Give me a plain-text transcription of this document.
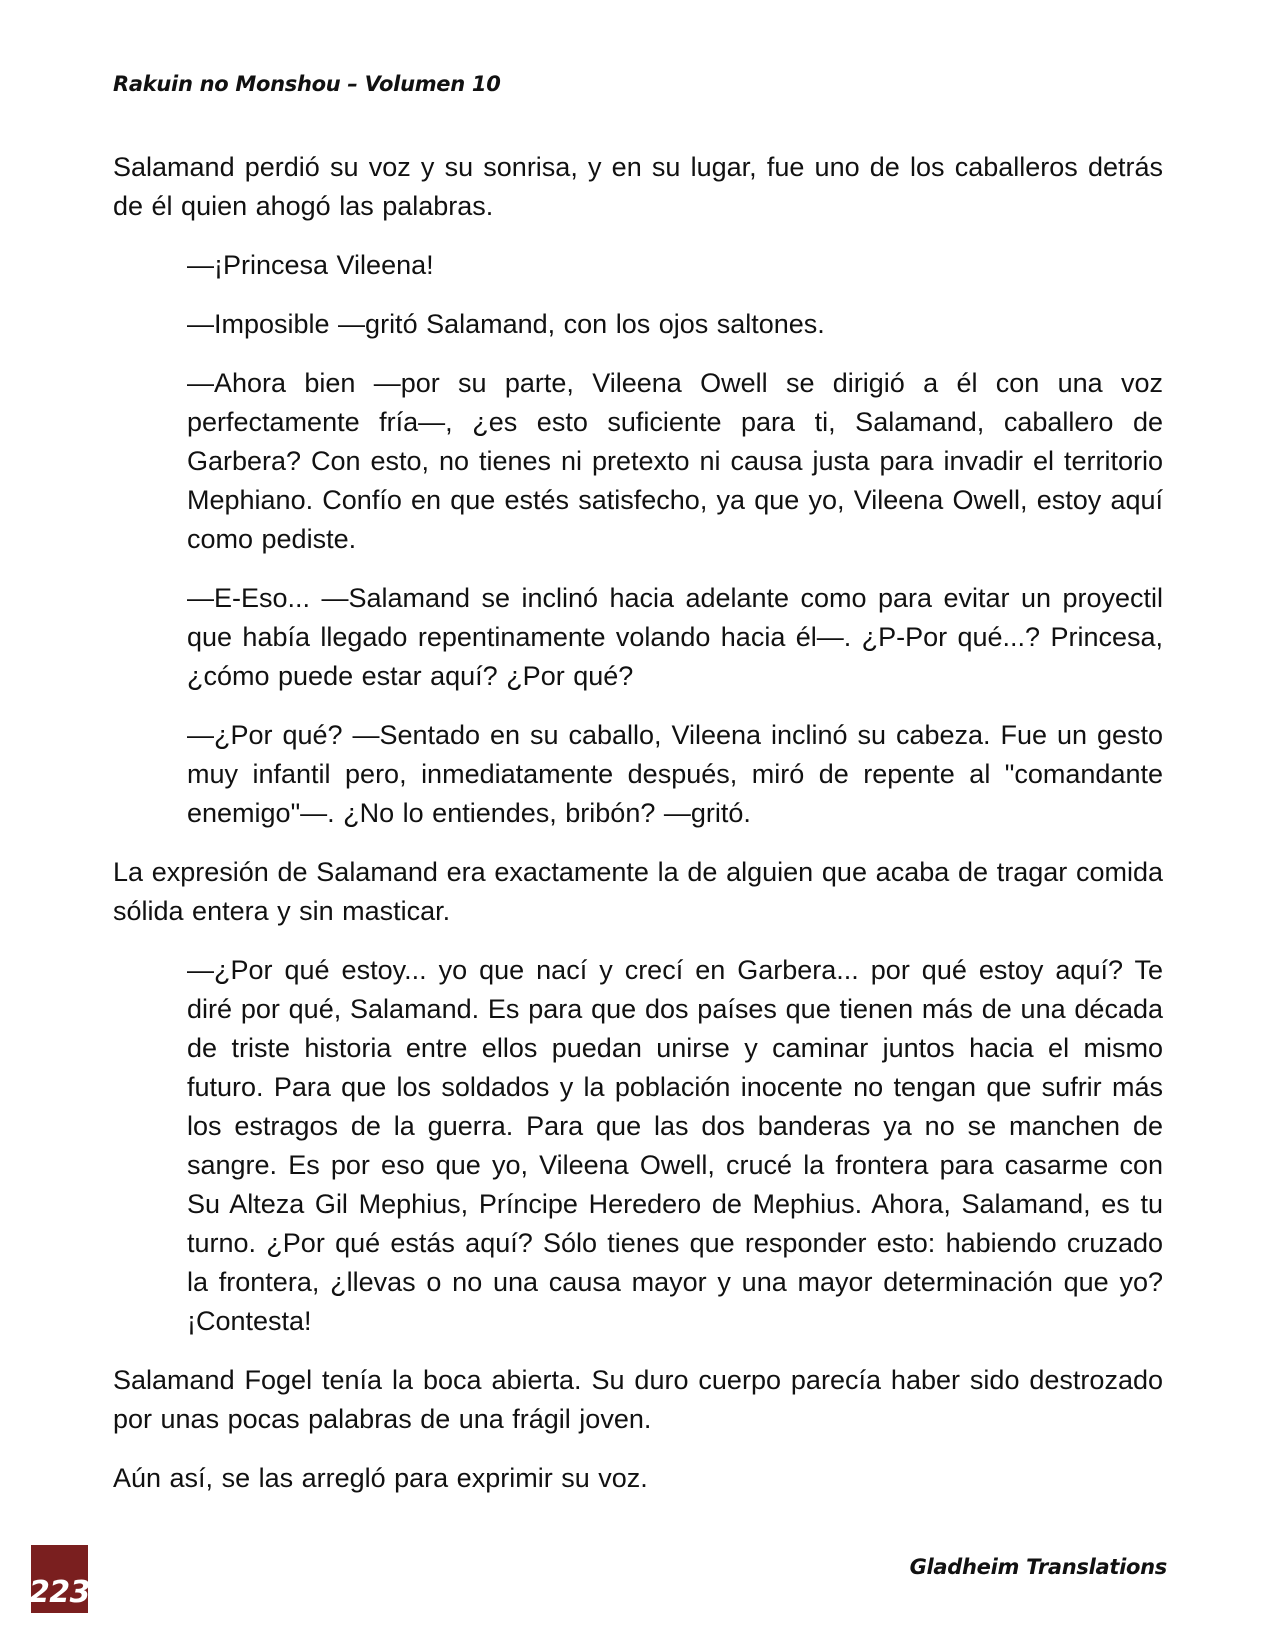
Rakuin no Monshou – Volumen 10

Salamand perdió su voz y su sonrisa, y en su lugar, fue uno de los caballeros detrás de él quien ahogó las palabras.

—¡Princesa Vileena!

—Imposible —gritó Salamand, con los ojos saltones.

—Ahora bien —por su parte, Vileena Owell se dirigió a él con una voz perfectamente fría—, ¿es esto suficiente para ti, Salamand, caballero de Garbera? Con esto, no tienes ni pretexto ni causa justa para invadir el territorio Mephiano. Confío en que estés satisfecho, ya que yo, Vileena Owell, estoy aquí como pediste.

—E-Eso... —Salamand se inclinó hacia adelante como para evitar un proyectil que había llegado repentinamente volando hacia él—. ¿P-Por qué...? Princesa, ¿cómo puede estar aquí? ¿Por qué?

—¿Por qué? —Sentado en su caballo, Vileena inclinó su cabeza. Fue un gesto muy infantil pero, inmediatamente después, miró de repente al "comandante enemigo"—. ¿No lo entiendes, bribón? —gritó.

La expresión de Salamand era exactamente la de alguien que acaba de tragar comida sólida entera y sin masticar.

—¿Por qué estoy... yo que nací y crecí en Garbera... por qué estoy aquí? Te diré por qué, Salamand. Es para que dos países que tienen más de una década de triste historia entre ellos puedan unirse y caminar juntos hacia el mismo futuro. Para que los soldados y la población inocente no tengan que sufrir más los estragos de la guerra. Para que las dos banderas ya no se manchen de sangre. Es por eso que yo, Vileena Owell, crucé la frontera para casarme con Su Alteza Gil Mephius, Príncipe Heredero de Mephius. Ahora, Salamand, es tu turno. ¿Por qué estás aquí? Sólo tienes que responder esto: habiendo cruzado la frontera, ¿llevas o no una causa mayor y una mayor determinación que yo? ¡Contesta!

Salamand Fogel tenía la boca abierta. Su duro cuerpo parecía haber sido destrozado por unas pocas palabras de una frágil joven.

Aún así, se las arregló para exprimir su voz.

223
Gladheim Translations
